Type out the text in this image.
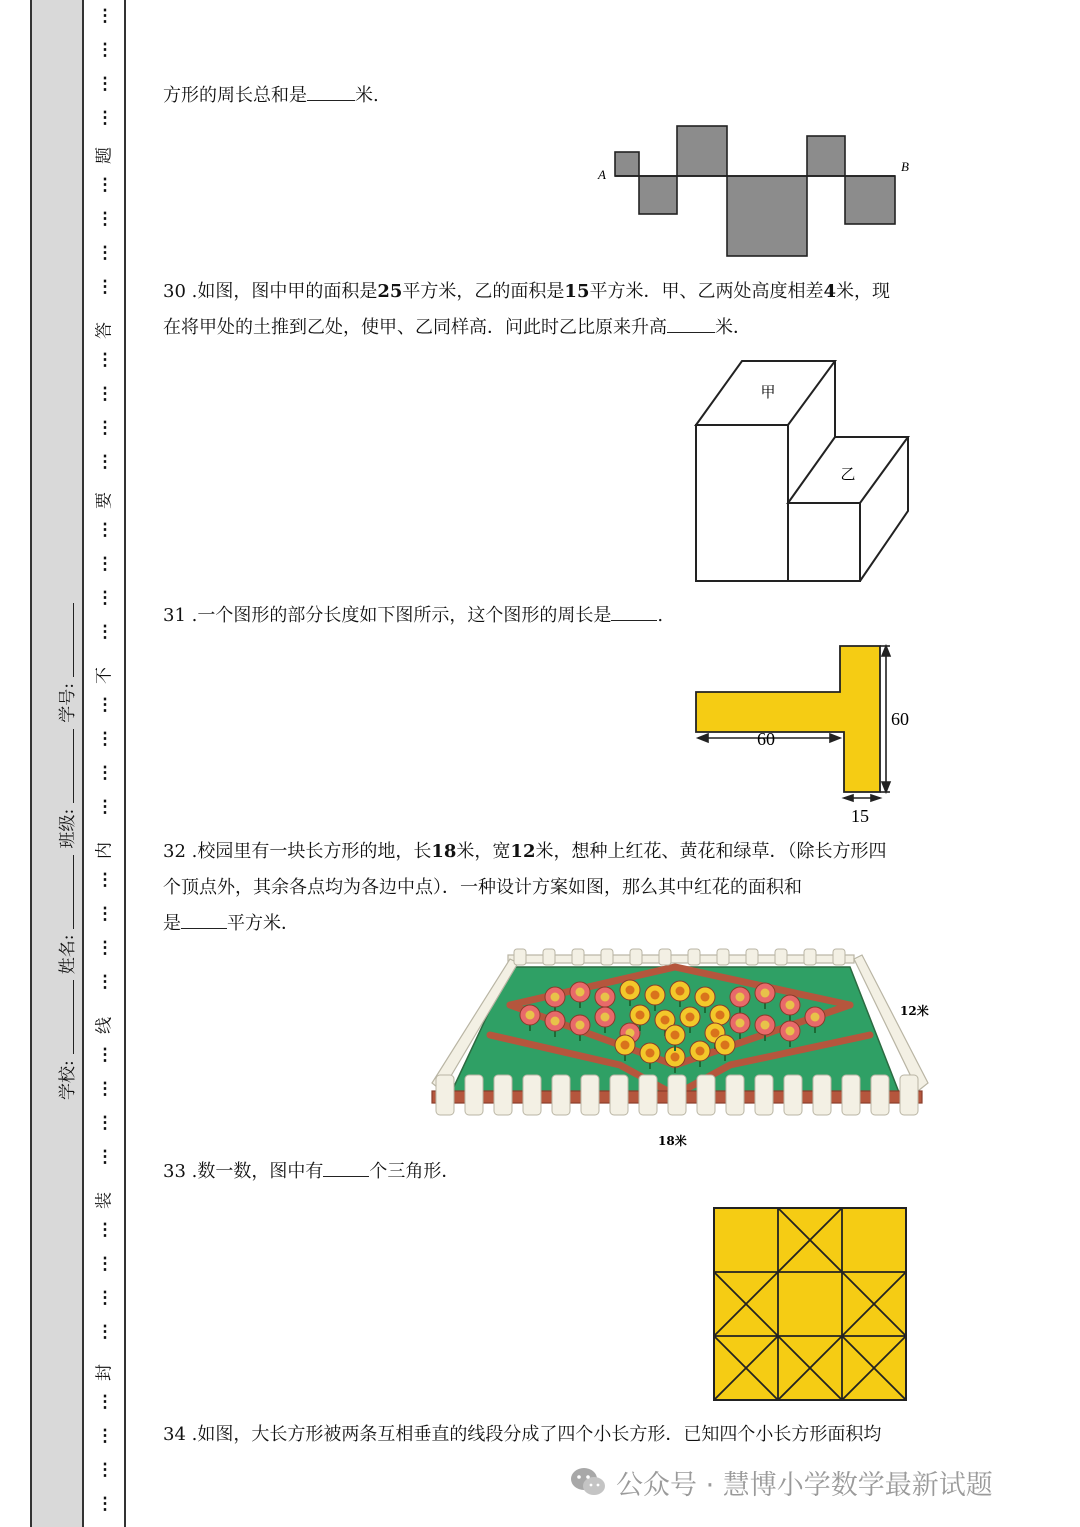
学校:
姓名:
班级:
学号:
⋮
⋮
⋮
⋮
⋮
⋮
⋮
⋮
⋮
⋮
⋮
⋮
⋮
⋮
⋮
⋮
⋮
⋮
⋮
⋮
⋮
⋮
⋮
⋮
⋮
⋮
⋮
⋮
⋮
⋮
⋮
⋮
⋮
⋮
⋮
⋮
题
答
要
不
内
线
装
封
方形的周长总和是	米.
A
B
30 .如图，图中甲的面积是25平方米，乙的面积是15平方米．甲、乙两处高度相差4米，现
在将甲处的土推到乙处，使甲、乙同样高．问此时乙比原来升高	米．
甲
乙
31 .一个图形的部分长度如下图所示，这个图形的周长是	.
60
60
15
32 .校园里有一块长方形的地，长18米，宽12米，想种上红花、黄花和绿草．（除长方形四
个顶点外，其余各点均为各边中点）．一种设计方案如图，那么其中红花的面积和
是	平方米．
12米
18米
33 .数一数，图中有	个三角形．
34 .如图，大长方形被两条互相垂直的线段分成了四个小长方形．已知四个小长方形面积均
公众号 · 慧博小学数学最新试题
